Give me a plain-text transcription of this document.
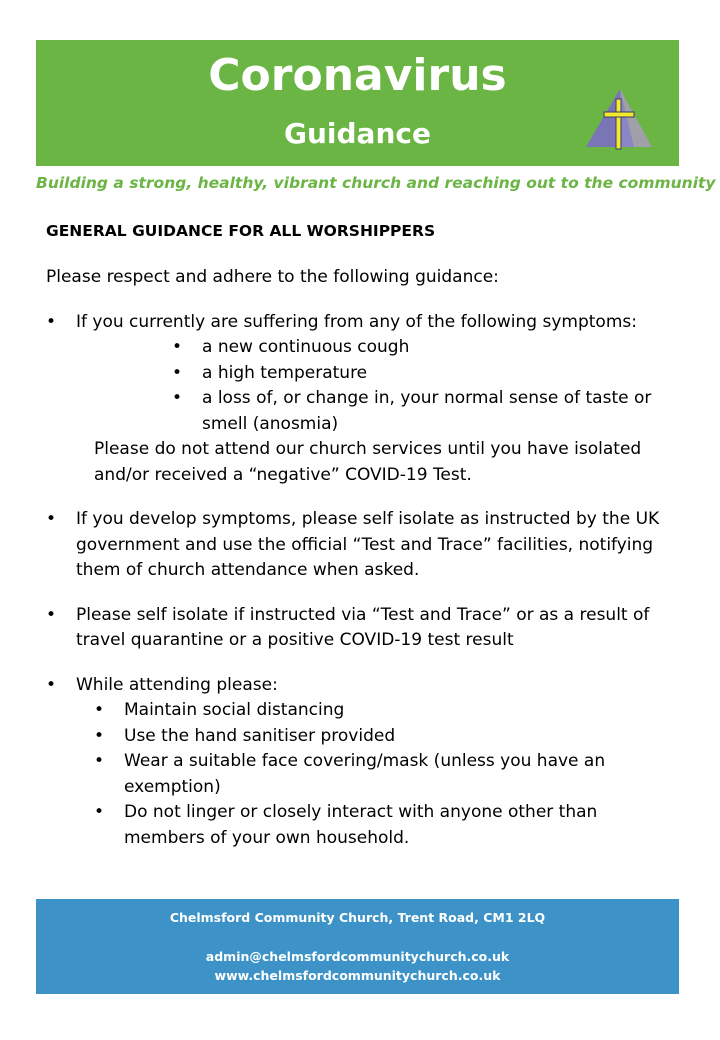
Coronavirus
Guidance
Building a strong, healthy, vibrant church and reaching out to the community

GENERAL GUIDANCE FOR ALL WORSHIPPERS

Please respect and adhere to the following guidance:

• If you currently are suffering from any of the following symptoms:
• a new continuous cough
• a high temperature
• a loss of, or change in, your normal sense of taste or smell (anosmia)
Please do not attend our church services until you have isolated and/or received a “negative” COVID-19 Test.
• If you develop symptoms, please self isolate as instructed by the UK government and use the official “Test and Trace” facilities, notifying them of church attendance when asked.
• Please self isolate if instructed via “Test and Trace” or as a result of travel quarantine or a positive COVID-19 test result
• While attending please:
• Maintain social distancing
• Use the hand sanitiser provided
• Wear a suitable face covering/mask (unless you have an exemption)
• Do not linger or closely interact with anyone other than members of your own household.
Chelmsford Community Church, Trent Road, CM1 2LQ
admin@chelmsfordcommunitychurch.co.uk
www.chelmsfordcommunitychurch.co.uk
